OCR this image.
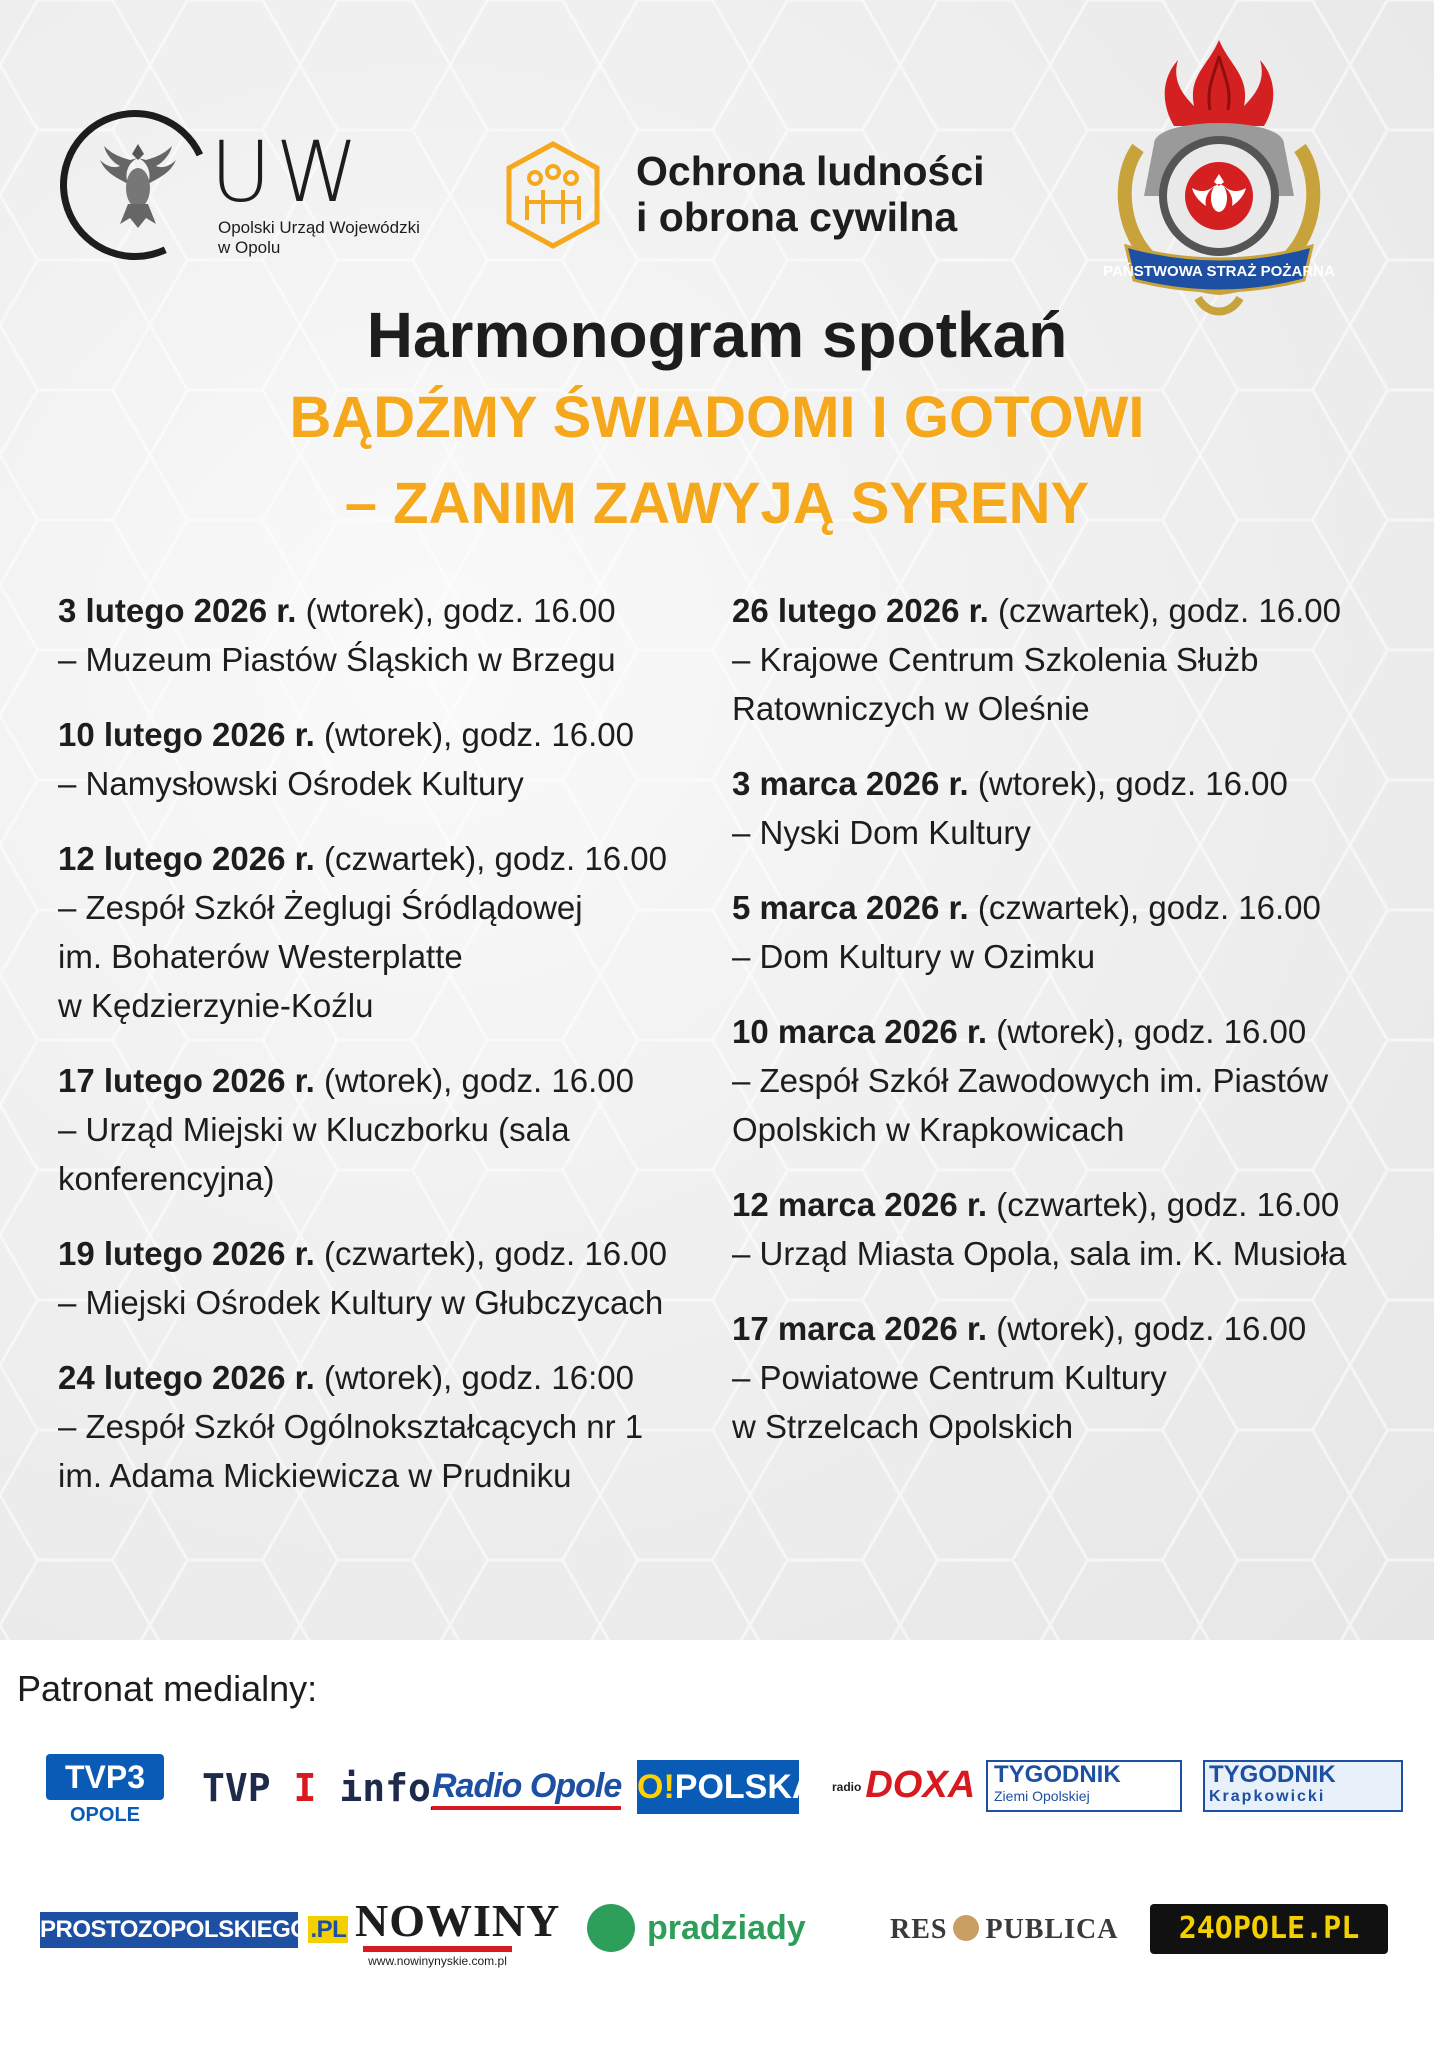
UW
Opolski Urząd Wojewódzki
w Opolu
Ochrona ludności
i obrona cywilna
PAŃSTWOWA STRAŻ POŻARNA
Harmonogram spotkań
BĄDŹMY ŚWIADOMI I GOTOWI
– ZANIM ZAWYJĄ SYRENY
3 lutego 2026 r. (wtorek), godz. 16.00
– Muzeum Piastów Śląskich w Brzegu
10 lutego 2026 r. (wtorek), godz. 16.00
– Namysłowski Ośrodek Kultury
12 lutego 2026 r. (czwartek), godz. 16.00
– Zespół Szkół Żeglugi Śródlądowej
im. Bohaterów Westerplatte
w Kędzierzynie-Koźlu
17 lutego 2026 r. (wtorek), godz. 16.00
– Urząd Miejski w Kluczborku (sala
konferencyjna)
19 lutego 2026 r. (czwartek), godz. 16.00
– Miejski Ośrodek Kultury w Głubczycach
24 lutego 2026 r. (wtorek), godz. 16:00
– Zespół Szkół Ogólnokształcących nr 1
im. Adama Mickiewicza w Prudniku
26 lutego 2026 r. (czwartek), godz. 16.00
– Krajowe Centrum Szkolenia Służb
Ratowniczych w Oleśnie
3 marca 2026 r. (wtorek), godz. 16.00
– Nyski Dom Kultury
5 marca 2026 r. (czwartek), godz. 16.00
– Dom Kultury w Ozimku
10 marca 2026 r. (wtorek), godz. 16.00
– Zespół Szkół Zawodowych im. Piastów
Opolskich w Krapkowicach
12 marca 2026 r. (czwartek), godz. 16.00
– Urząd Miasta Opola, sala im. K. Musioła
17 marca 2026 r. (wtorek), godz. 16.00
– Powiatowe Centrum Kultury
w Strzelcach Opolskich
Patronat medialny:
TVP3
OPOLE
TVP I info_
Radio Opole O!POLSKA radio DOXA TYGODNIK
Ziemi Opolskiej
TYGODNIK
Krapkowicki
PROSTOZOPOLSKIEGO.PL NOWINY
www.nowinynyskie.com.pl
pradziady	RES PUBLICA	24OPOLE.PL
